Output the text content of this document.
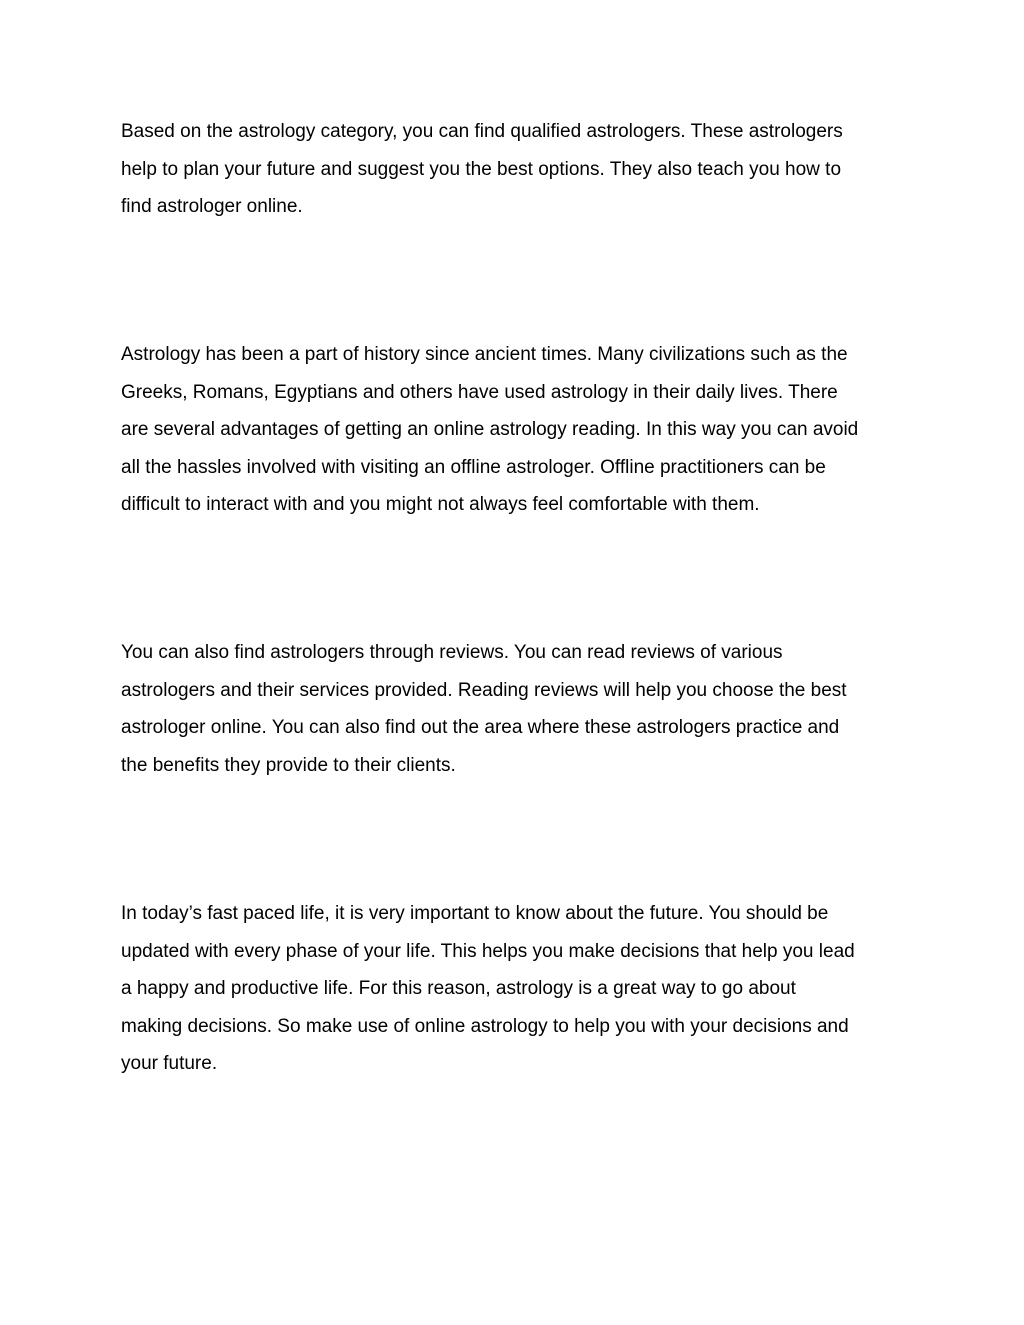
Based on the astrology category, you can find qualified astrologers. These astrologers
help to plan your future and suggest you the best options. They also teach you how to
find astrologer online.

Astrology has been a part of history since ancient times. Many civilizations such as the
Greeks, Romans, Egyptians and others have used astrology in their daily lives. There
are several advantages of getting an online astrology reading. In this way you can avoid
all the hassles involved with visiting an offline astrologer. Offline practitioners can be
difficult to interact with and you might not always feel comfortable with them.

You can also find astrologers through reviews. You can read reviews of various
astrologers and their services provided. Reading reviews will help you choose the best
astrologer online. You can also find out the area where these astrologers practice and
the benefits they provide to their clients.

In today’s fast paced life, it is very important to know about the future. You should be
updated with every phase of your life. This helps you make decisions that help you lead
a happy and productive life. For this reason, astrology is a great way to go about
making decisions. So make use of online astrology to help you with your decisions and
your future.
